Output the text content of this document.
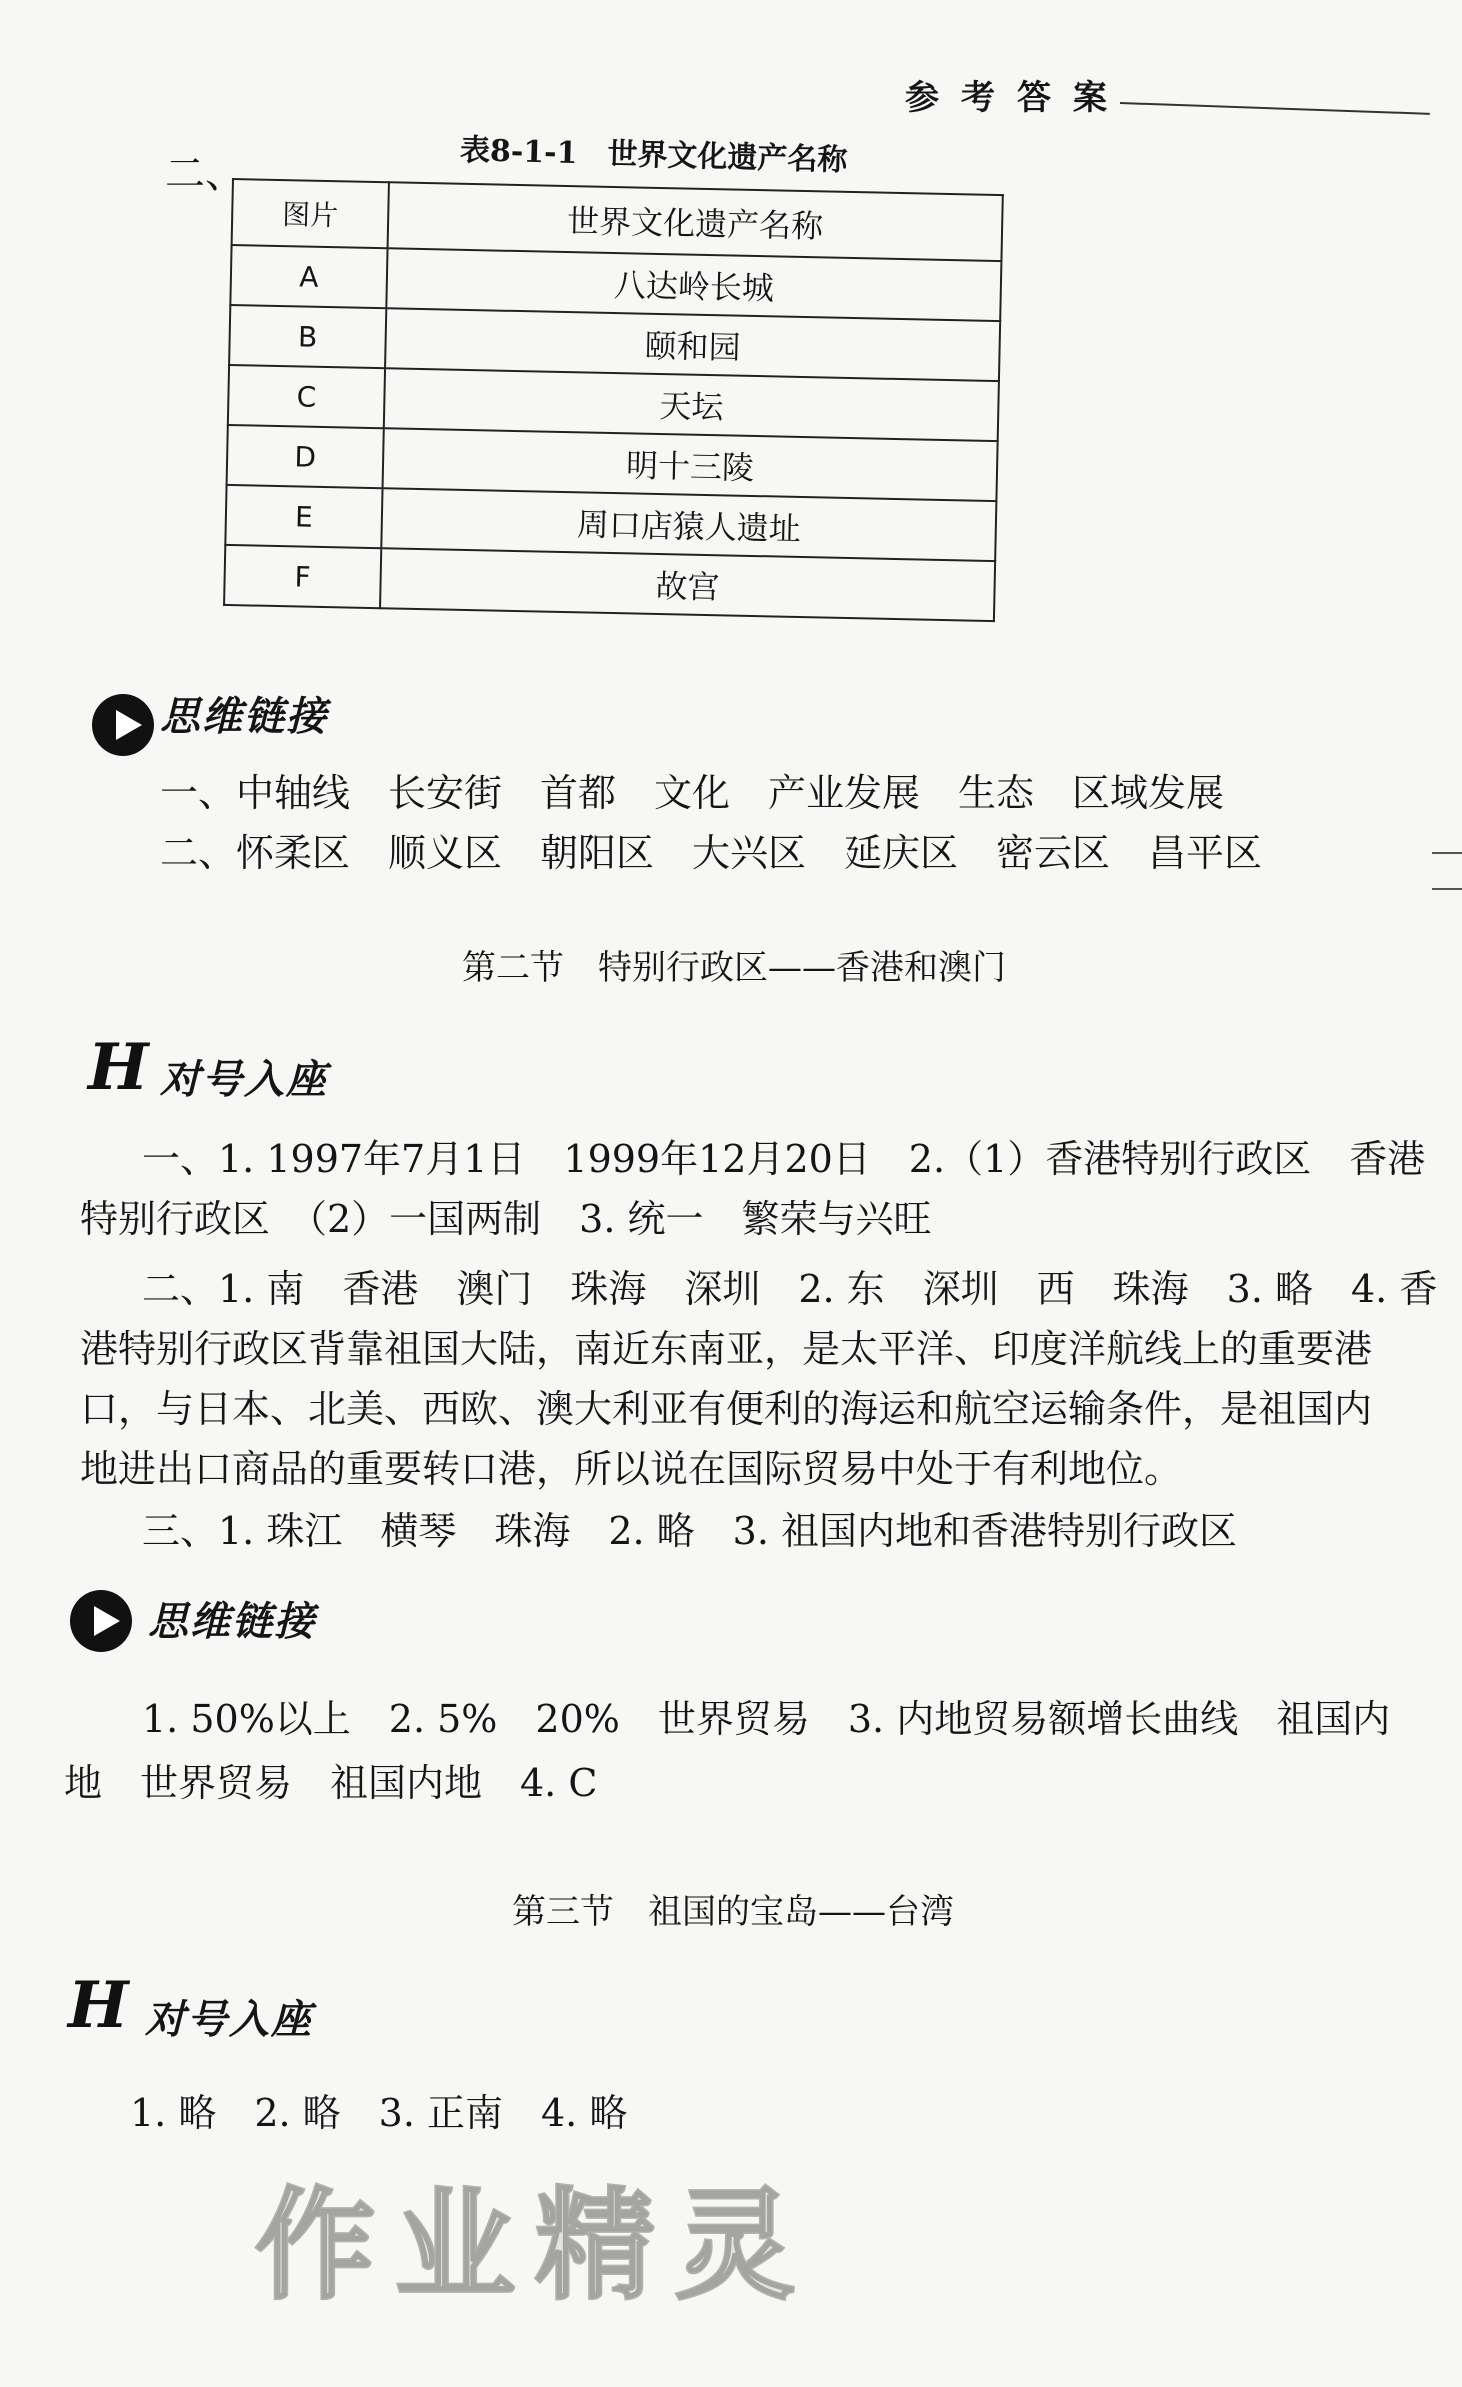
参考答案
二、	表8-1-1　世界文化遗产名称
图片	世界文化遗产名称
A	八达岭长城
B	颐和园
C	天坛
D	明十三陵
E	周口店猿人遗址
F	故宫
思维链接
一、中轴线　长安街　首都　文化　产业发展　生态　区域发展
二、怀柔区　顺义区　朝阳区　大兴区　延庆区　密云区　昌平区
第二节　特别行政区——香港和澳门
H 对号入座
一、1. 1997年7月1日　1999年12月20日　2.（1）香港特别行政区　香港
特别行政区　（2）一国两制　3. 统一　繁荣与兴旺
二、1. 南　香港　澳门　珠海　深圳　2. 东　深圳　西　珠海　3. 略　4. 香
港特别行政区背靠祖国大陆，南近东南亚，是太平洋、印度洋航线上的重要港
口，与日本、北美、西欧、澳大利亚有便利的海运和航空运输条件，是祖国内
地进出口商品的重要转口港，所以说在国际贸易中处于有利地位。
三、1. 珠江　横琴　珠海　2. 略　3. 祖国内地和香港特别行政区
思维链接
1. 50%以上　2. 5%　20%　世界贸易　3. 内地贸易额增长曲线　祖国内
地　世界贸易　祖国内地　4. C
第三节　祖国的宝岛——台湾
H 对号入座
1. 略　2. 略　3. 正南　4. 略
作业精灵
